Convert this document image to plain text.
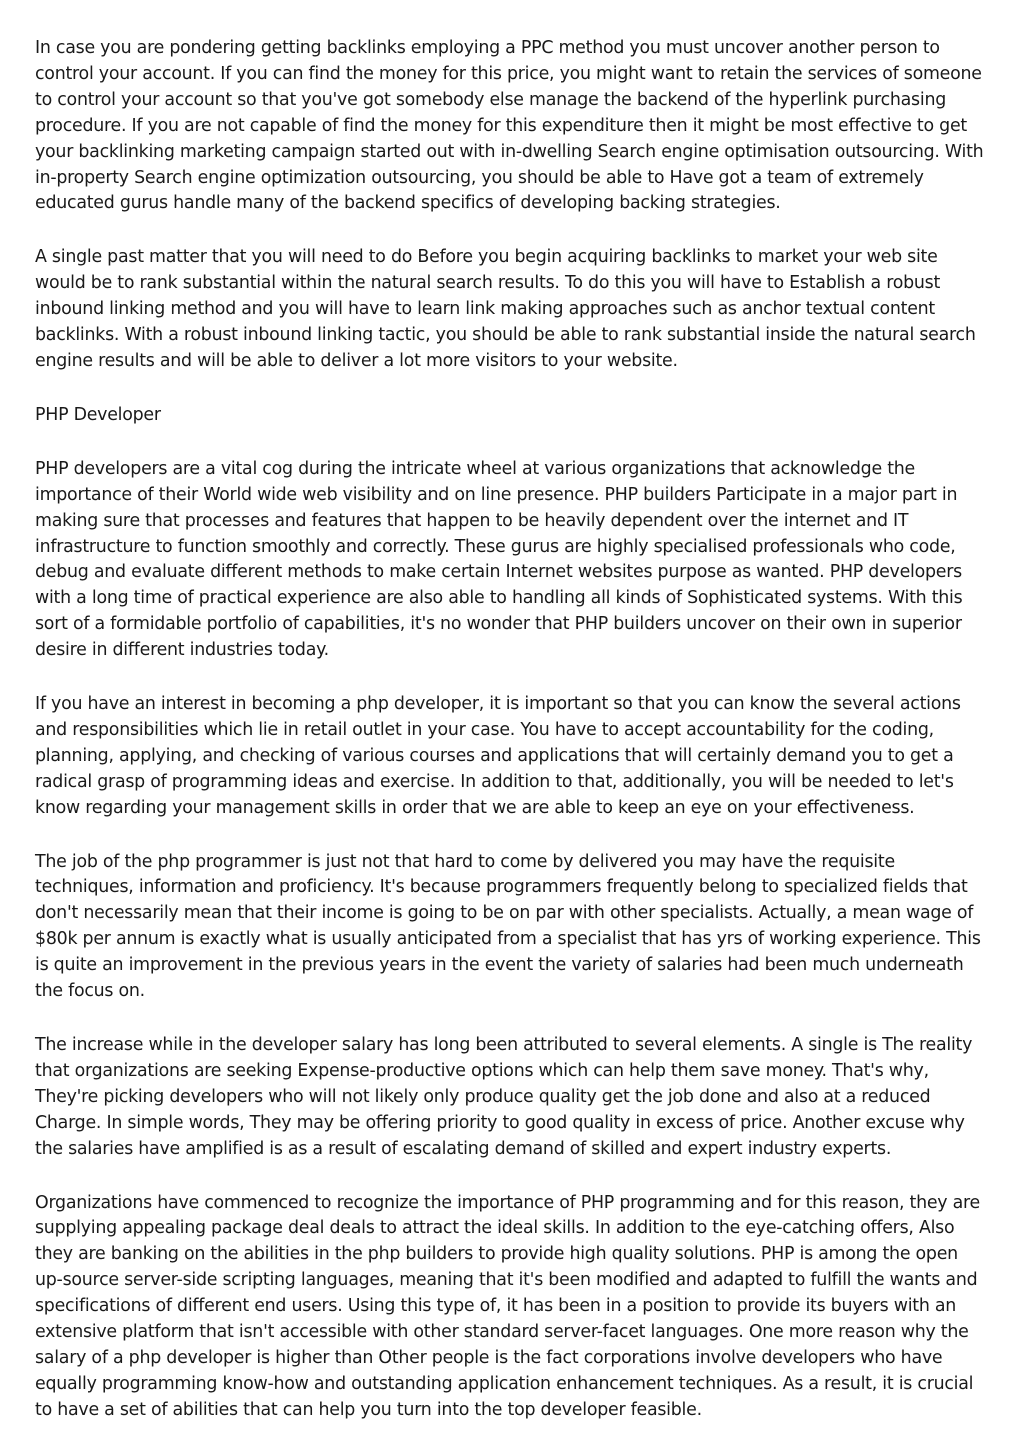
In case you are pondering getting backlinks employing a PPC method you must uncover another person to control your account. If you can find the money for this price, you might want to retain the services of someone to control your account so that you've got somebody else manage the backend of the hyperlink purchasing procedure. If you are not capable of find the money for this expenditure then it might be most effective to get your backlinking marketing campaign started out with in-dwelling Search engine optimisation outsourcing. With in-property Search engine optimization outsourcing, you should be able to Have got a team of extremely educated gurus handle many of the backend specifics of developing backing strategies.

A single past matter that you will need to do Before you begin acquiring backlinks to market your web site would be to rank substantial within the natural search results. To do this you will have to Establish a robust inbound linking method and you will have to learn link making approaches such as anchor textual content backlinks. With a robust inbound linking tactic, you should be able to rank substantial inside the natural search engine results and will be able to deliver a lot more visitors to your website.

PHP Developer

PHP developers are a vital cog during the intricate wheel at various organizations that acknowledge the importance of their World wide web visibility and on line presence. PHP builders Participate in a major part in making sure that processes and features that happen to be heavily dependent over the internet and IT infrastructure to function smoothly and correctly. These gurus are highly specialised professionals who code, debug and evaluate different methods to make certain Internet websites purpose as wanted. PHP developers with a long time of practical experience are also able to handling all kinds of Sophisticated systems. With this sort of a formidable portfolio of capabilities, it's no wonder that PHP builders uncover on their own in superior desire in different industries today.

If you have an interest in becoming a php developer, it is important so that you can know the several actions and responsibilities which lie in retail outlet in your case. You have to accept accountability for the coding, planning, applying, and checking of various courses and applications that will certainly demand you to get a radical grasp of programming ideas and exercise. In addition to that, additionally, you will be needed to let's know regarding your management skills in order that we are able to keep an eye on your effectiveness.

The job of the php programmer is just not that hard to come by delivered you may have the requisite techniques, information and proficiency. It's because programmers frequently belong to specialized fields that don't necessarily mean that their income is going to be on par with other specialists. Actually, a mean wage of $80k per annum is exactly what is usually anticipated from a specialist that has yrs of working experience. This is quite an improvement in the previous years in the event the variety of salaries had been much underneath the focus on.

The increase while in the developer salary has long been attributed to several elements. A single is The reality that organizations are seeking Expense-productive options which can help them save money. That's why, They're picking developers who will not likely only produce quality get the job done and also at a reduced Charge. In simple words, They may be offering priority to good quality in excess of price. Another excuse why the salaries have amplified is as a result of escalating demand of skilled and expert industry experts.

Organizations have commenced to recognize the importance of PHP programming and for this reason, they are supplying appealing package deal deals to attract the ideal skills. In addition to the eye-catching offers, Also they are banking on the abilities in the php builders to provide high quality solutions. PHP is among the open up-source server-side scripting languages, meaning that it's been modified and adapted to fulfill the wants and specifications of different end users. Using this type of, it has been in a position to provide its buyers with an extensive platform that isn't accessible with other standard server-facet languages. One more reason why the salary of a php developer is higher than Other people is the fact corporations involve developers who have equally programming know-how and outstanding application enhancement techniques. As a result, it is crucial to have a set of abilities that can help you turn into the top developer feasible.
